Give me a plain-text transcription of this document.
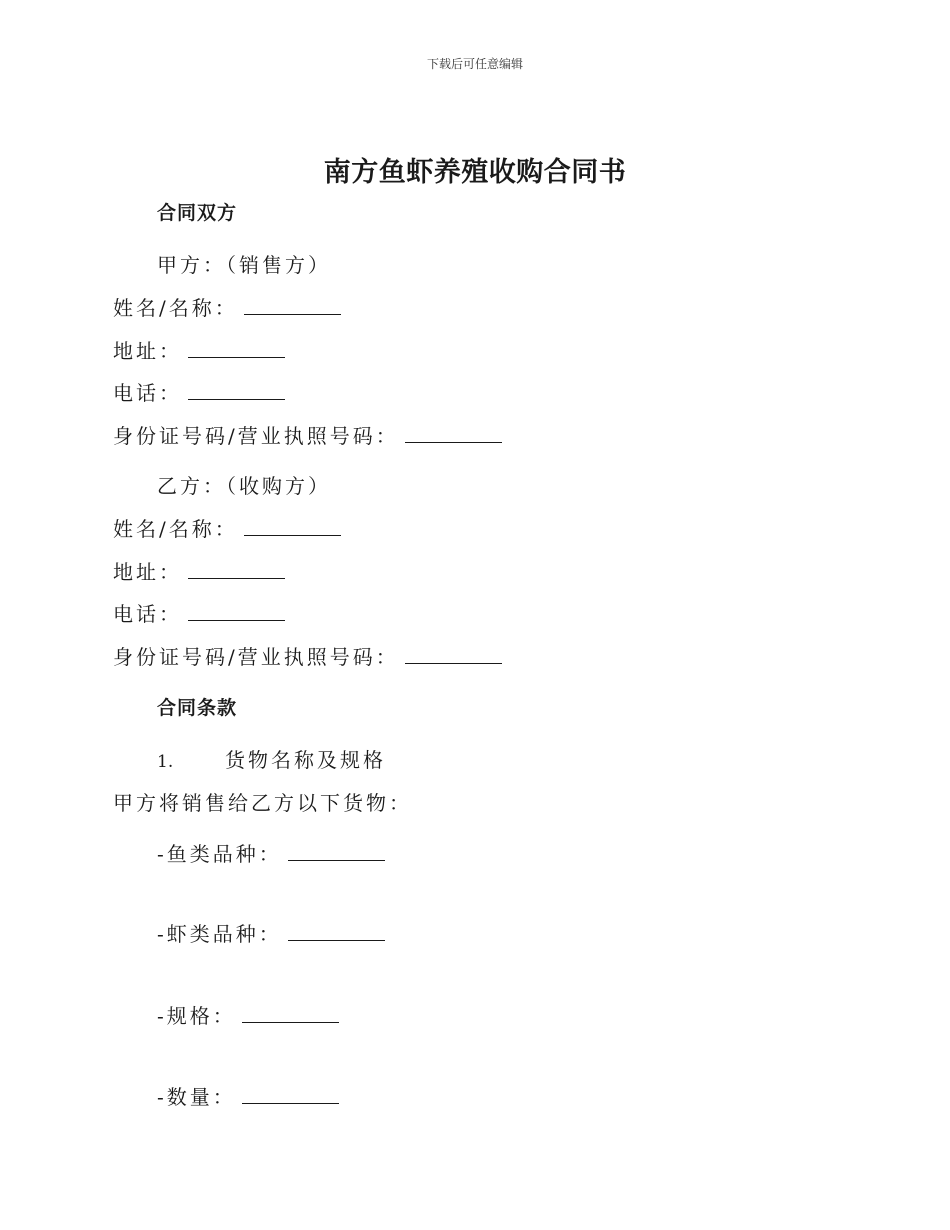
下载后可任意编辑
南方鱼虾养殖收购合同书
合同双方
甲方：（销售方）
姓名/名称：
地址：
电话：
身份证号码/营业执照号码：
乙方：（收购方）
姓名/名称：
地址：
电话：
身份证号码/营业执照号码：
合同条款
1.	货物名称及规格
甲方将销售给乙方以下货物：
-鱼类品种：
-虾类品种：
-规格：
-数量：
